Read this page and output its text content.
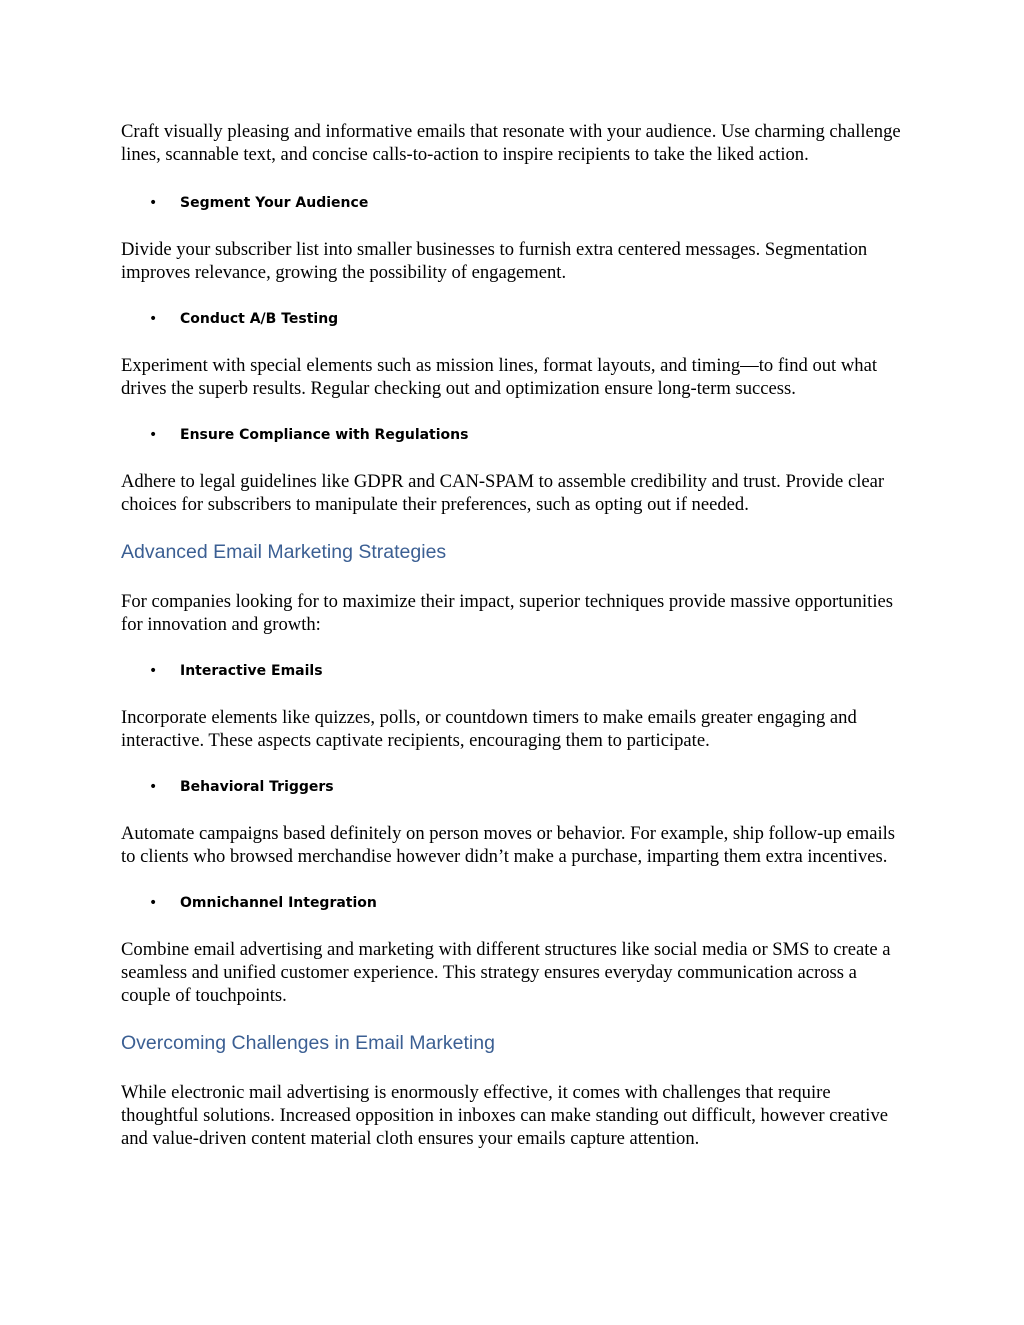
Craft visually pleasing and informative emails that resonate with your audience. Use charming challenge lines, scannable text, and concise calls-to-action to inspire recipients to take the liked action.

• Segment Your Audience

Divide your subscriber list into smaller businesses to furnish extra centered messages. Segmentation improves relevance, growing the possibility of engagement.

• Conduct A/B Testing

Experiment with special elements such as mission lines, format layouts, and timing—to find out what drives the superb results. Regular checking out and optimization ensure long-term success.

• Ensure Compliance with Regulations

Adhere to legal guidelines like GDPR and CAN-SPAM to assemble credibility and trust. Provide clear choices for subscribers to manipulate their preferences, such as opting out if needed.

Advanced Email Marketing Strategies

For companies looking for to maximize their impact, superior techniques provide massive opportunities for innovation and growth:

• Interactive Emails

Incorporate elements like quizzes, polls, or countdown timers to make emails greater engaging and interactive. These aspects captivate recipients, encouraging them to participate.

• Behavioral Triggers

Automate campaigns based definitely on person moves or behavior. For example, ship follow-up emails to clients who browsed merchandise however didn’t make a purchase, imparting them extra incentives.

• Omnichannel Integration

Combine email advertising and marketing with different structures like social media or SMS to create a seamless and unified customer experience. This strategy ensures everyday communication across a couple of touchpoints.

Overcoming Challenges in Email Marketing

While electronic mail advertising is enormously effective, it comes with challenges that require thoughtful solutions. Increased opposition in inboxes can make standing out difficult, however creative and value-driven content material cloth ensures your emails capture attention.
